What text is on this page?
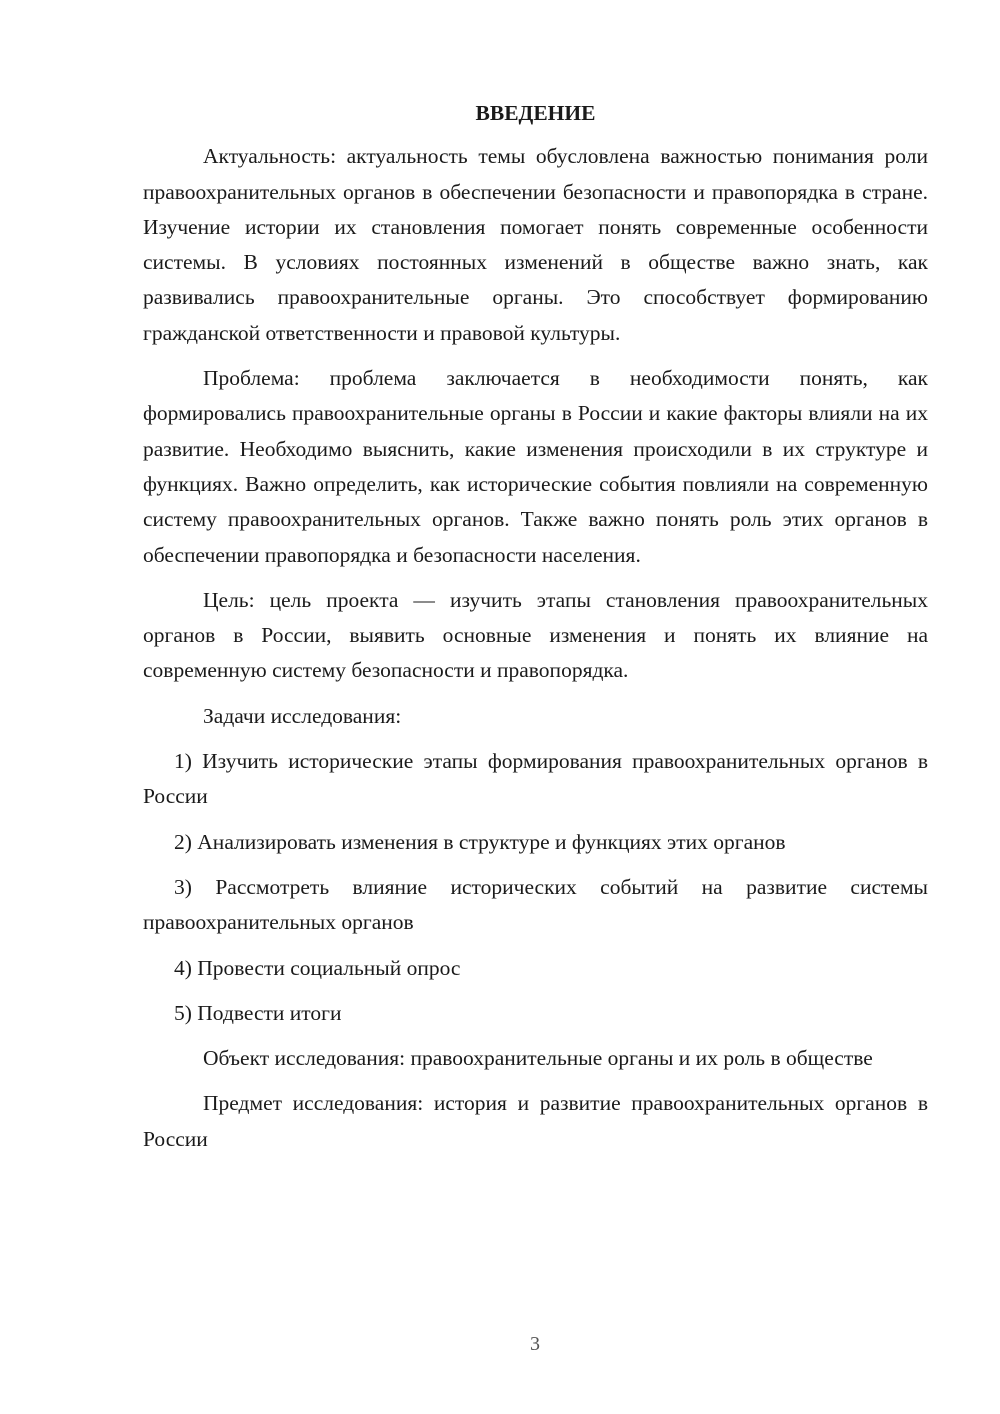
ВВЕДЕНИЕ

Актуальность: актуальность темы обусловлена важностью понимания роли правоохранительных органов в обеспечении безопасности и правопорядка в стране. Изучение истории их становления помогает понять современные особенности системы. В условиях постоянных изменений в обществе важно знать, как развивались правоохранительные органы. Это способствует формированию гражданской ответственности и правовой культуры.

Проблема: проблема заключается в необходимости понять, как формировались правоохранительные органы в России и какие факторы влияли на их развитие. Необходимо выяснить, какие изменения происходили в их структуре и функциях. Важно определить, как исторические события повлияли на современную систему правоохранительных органов. Также важно понять роль этих органов в обеспечении правопорядка и безопасности населения.

Цель: цель проекта — изучить этапы становления правоохранительных органов в России, выявить основные изменения и понять их влияние на современную систему безопасности и правопорядка.

Задачи исследования:

1) Изучить исторические этапы формирования правоохранительных органов в России

2) Анализировать изменения в структуре и функциях этих органов

3) Рассмотреть влияние исторических событий на развитие системы правоохранительных органов

4) Провести социальный опрос

5) Подвести итоги

Объект исследования: правоохранительные органы и их роль в обществе

Предмет исследования: история и развитие правоохранительных органов в России

3
